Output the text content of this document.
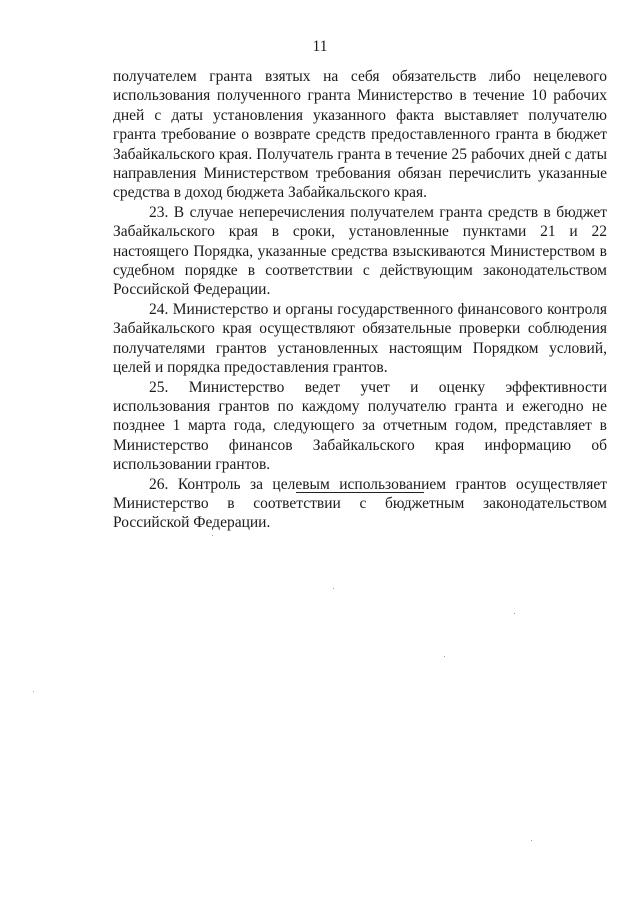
11

получателем гранта взятых на себя обязательств либо нецелевого использования полученного гранта Министерство в течение 10 рабочих дней с даты установления указанного факта выставляет получателю гранта требование о возврате средств предоставленного гранта в бюджет Забайкальского края. Получатель гранта в течение 25 рабочих дней с даты направления Министерством требования обязан перечислить указанные средства в доход бюджета Забайкальского края.

23. В случае неперечисления получателем гранта средств в бюджет Забайкальского края в сроки, установленные пунктами 21 и 22 настоящего Порядка, указанные средства взыскиваются Министерством в судебном порядке в соответствии с действующим законодательством Российской Федерации.

24. Министерство и органы государственного финансового контроля Забайкальского края осуществляют обязательные проверки соблюдения получателями грантов установленных настоящим Порядком условий, целей и порядка предоставления грантов.

25. Министерство ведет учет и оценку эффективности использования грантов по каждому получателю гранта и ежегодно не позднее 1 марта года, следующего за отчетным годом, представляет в Министерство финансов Забайкальского края информацию об использовании грантов.

26. Контроль за целевым использованием грантов осуществляет Министерство в соответствии с бюджетным законодательством Российской Федерации.
